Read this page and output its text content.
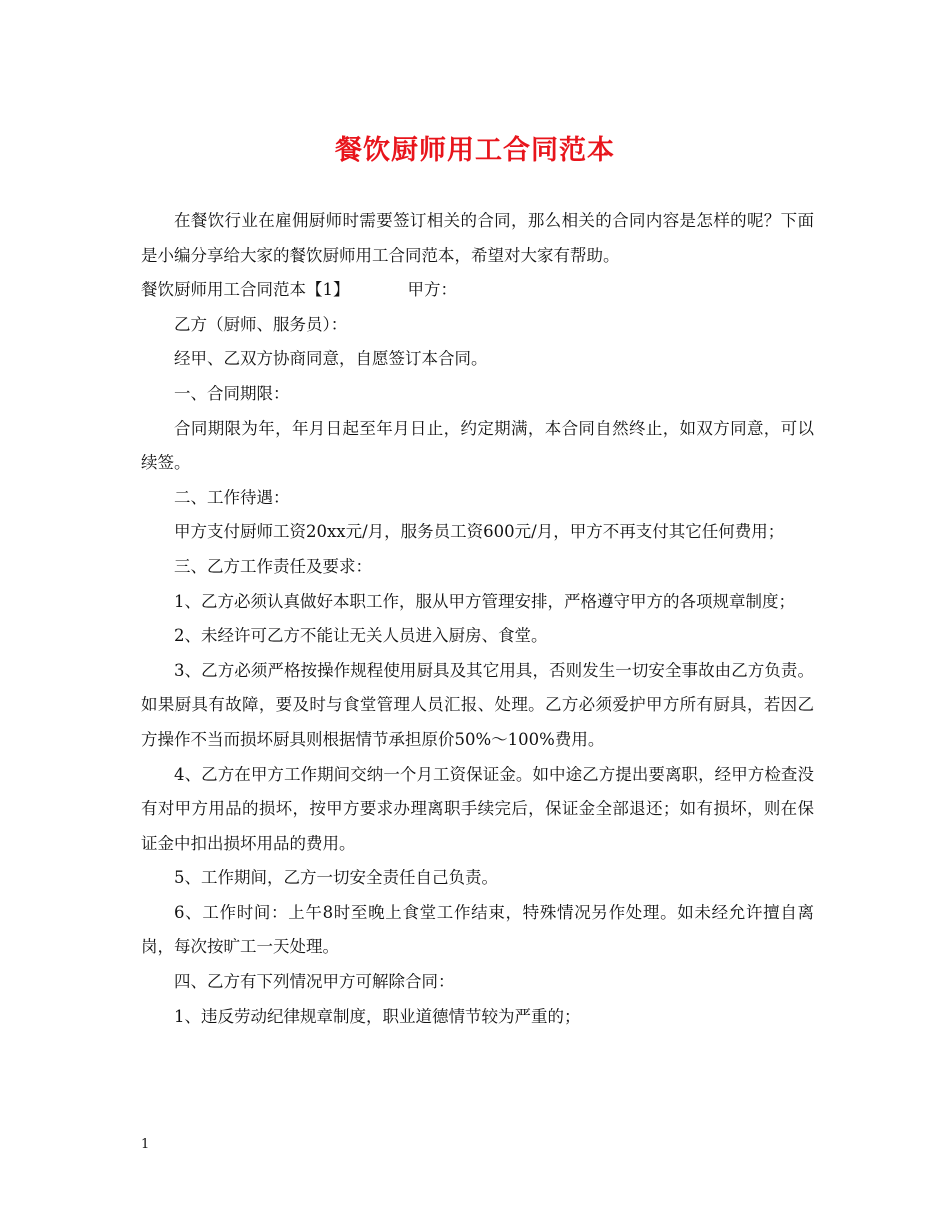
餐饮厨师用工合同范本

在餐饮行业在雇佣厨师时需要签订相关的合同，那么相关的合同内容是怎样的呢？下面是小编分享给大家的餐饮厨师用工合同范本，希望对大家有帮助。

餐饮厨师用工合同范本【1】	甲方：

乙方（厨师、服务员）：

经甲、乙双方协商同意，自愿签订本合同。

一、合同期限：

合同期限为年，年月日起至年月日止，约定期满，本合同自然终止，如双方同意，可以续签。

二、工作待遇：

甲方支付厨师工资20xx元/月，服务员工资600元/月，甲方不再支付其它任何费用；

三、乙方工作责任及要求：

1、乙方必须认真做好本职工作，服从甲方管理安排，严格遵守甲方的各项规章制度；

2、未经许可乙方不能让无关人员进入厨房、食堂。

3、乙方必须严格按操作规程使用厨具及其它用具，否则发生一切安全事故由乙方负责。如果厨具有故障，要及时与食堂管理人员汇报、处理。乙方必须爱护甲方所有厨具，若因乙方操作不当而损坏厨具则根据情节承担原价50%～100%费用。

4、乙方在甲方工作期间交纳一个月工资保证金。如中途乙方提出要离职，经甲方检查没有对甲方用品的损坏，按甲方要求办理离职手续完后，保证金全部退还；如有损坏，则在保证金中扣出损坏用品的费用。

5、工作期间，乙方一切安全责任自己负责。

6、工作时间：上午8时至晚上食堂工作结束，特殊情况另作处理。如未经允许擅自离岗，每次按旷工一天处理。

四、乙方有下列情况甲方可解除合同：

1、违反劳动纪律规章制度，职业道德情节较为严重的；

1
